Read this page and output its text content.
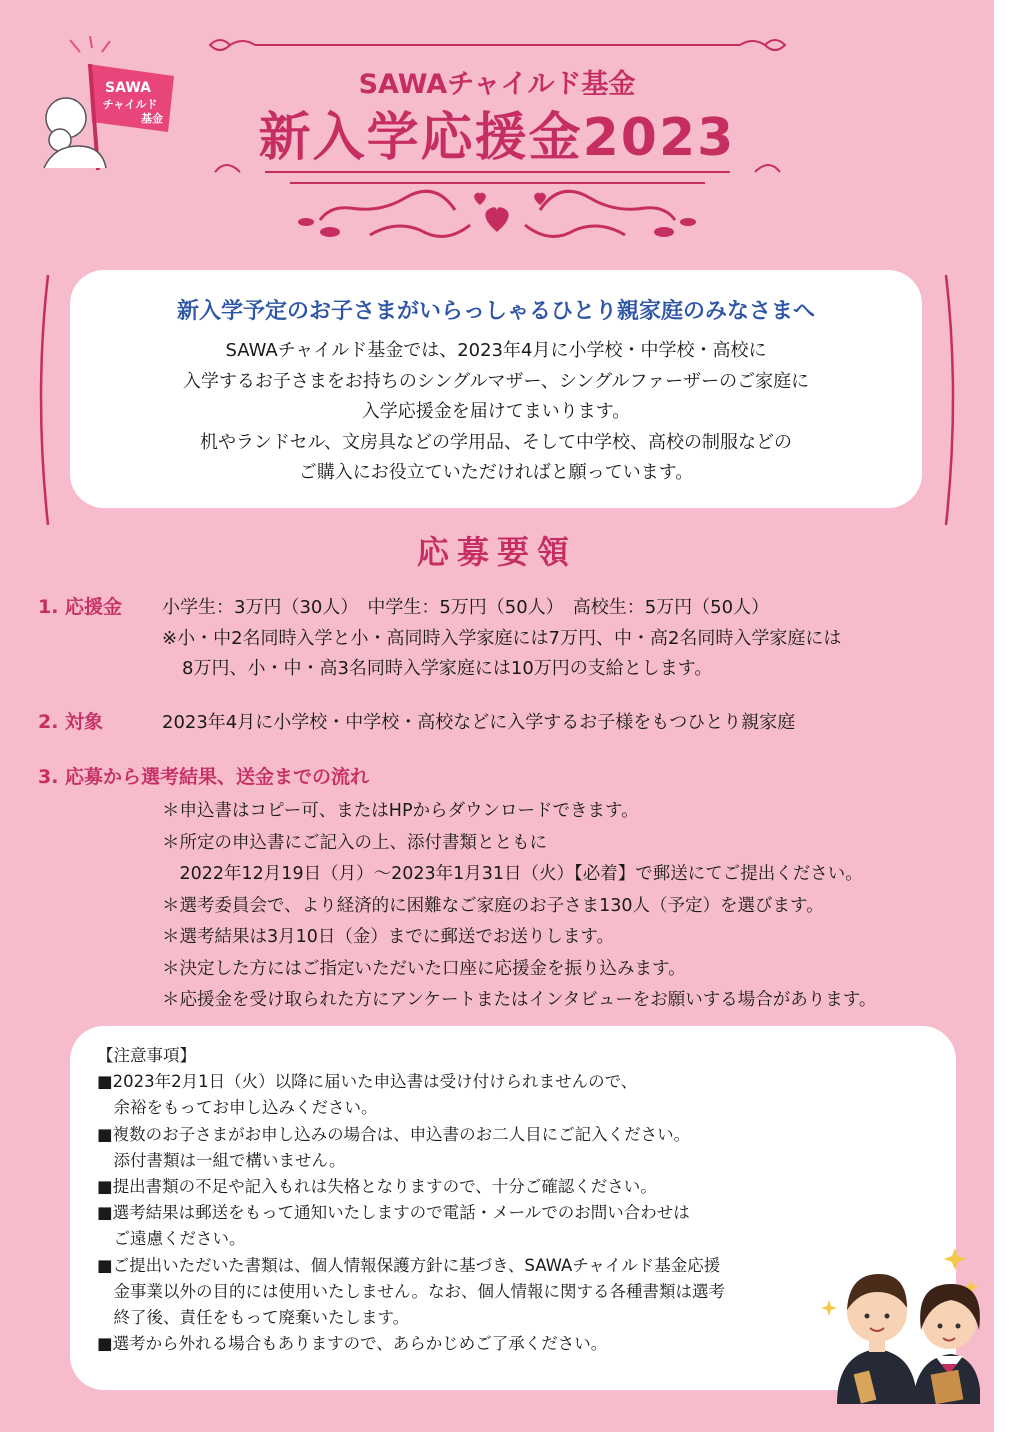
SAWA
チャイルド
基金
SAWAチャイルド基金
新入学応援金2023
新入学予定のお子さまがいらっしゃるひとり親家庭のみなさまへ
SAWAチャイルド基金では、2023年4月に小学校・中学校・高校に
入学するお子さまをお持ちのシングルマザー、シングルファーザーのご家庭に
入学応援金を届けてまいります。
机やランドセル、文房具などの学用品、そして中学校、高校の制服などの
ご購入にお役立ていただければと願っています。
応募要領
1. 応援金 小学生：3万円（30人）　中学生：5万円（50人）　高校生：5万円（50人）
※小・中2名同時入学と小・高同時入学家庭には7万円、中・高2名同時入学家庭には
8万円、小・中・高3名同時入学家庭には10万円の支給とします。
2. 対象	2023年4月に小学校・中学校・高校などに入学するお子様をもつひとり親家庭
3. 応募から選考結果、送金までの流れ
＊申込書はコピー可、またはHPからダウンロードできます。
＊所定の申込書にご記入の上、添付書類とともに
　2022年12月19日（月）〜2023年1月31日（火）【必着】で郵送にてご提出ください。
＊選考委員会で、より経済的に困難なご家庭のお子さま130人（予定）を選びます。
＊選考結果は3月10日（金）までに郵送でお送りします。
＊決定した方にはご指定いただいた口座に応援金を振り込みます。
＊応援金を受け取られた方にアンケートまたはインタビューをお願いする場合があります。
【注意事項】
■2023年2月1日（火）以降に届いた申込書は受け付けられませんので、
　余裕をもってお申し込みください。
■複数のお子さまがお申し込みの場合は、申込書のお二人目にご記入ください。
　添付書類は一組で構いません。
■提出書類の不足や記入もれは失格となりますので、十分ご確認ください。
■選考結果は郵送をもって通知いたしますので電話・メールでのお問い合わせは
　ご遠慮ください。
■ご提出いただいた書類は、個人情報保護方針に基づき、SAWAチャイルド基金応援
　金事業以外の目的には使用いたしません。なお、個人情報に関する各種書類は選考
　終了後、責任をもって廃棄いたします。
■選考から外れる場合もありますので、あらかじめご了承ください。
